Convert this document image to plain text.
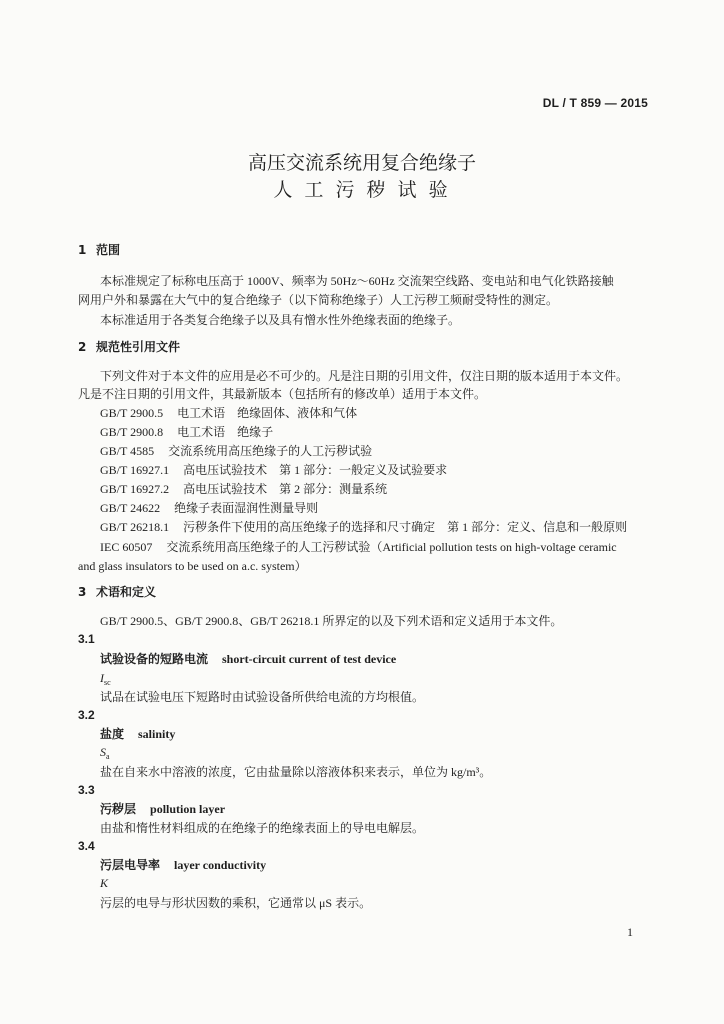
DL / T 859 — 2015
高压交流系统用复合绝缘子
人 工 污 秽 试 验
1 范围
本标准规定了标称电压高于 1000V、频率为 50Hz～60Hz 交流架空线路、变电站和电气化铁路接触
网用户外和暴露在大气中的复合绝缘子（以下简称绝缘子）人工污秽工频耐受特性的测定。
本标准适用于各类复合绝缘子以及具有憎水性外绝缘表面的绝缘子。
2 规范性引用文件
下列文件对于本文件的应用是必不可少的。凡是注日期的引用文件，仅注日期的版本适用于本文件。
凡是不注日期的引用文件，其最新版本（包括所有的修改单）适用于本文件。
GB/T 2900.5 电工术语　绝缘固体、液体和气体
GB/T 2900.8 电工术语　绝缘子
GB/T 4585 交流系统用高压绝缘子的人工污秽试验
GB/T 16927.1 高电压试验技术　第 1 部分：一般定义及试验要求
GB/T 16927.2 高电压试验技术　第 2 部分：测量系统
GB/T 24622 绝缘子表面湿润性测量导则
GB/T 26218.1 污秽条件下使用的高压绝缘子的选择和尺寸确定　第 1 部分：定义、信息和一般原则
IEC 60507 交流系统用高压绝缘子的人工污秽试验（Artificial pollution tests on high-voltage ceramic
and glass insulators to be used on a.c. system）
3 术语和定义
GB/T 2900.5、GB/T 2900.8、GB/T 26218.1 所界定的以及下列术语和定义适用于本文件。
3.1
试验设备的短路电流 short-circuit current of test device
$I_{sc}$
试品在试验电压下短路时由试验设备所供给电流的方均根值。
3.2
盐度 salinity
$S_a$
盐在自来水中溶液的浓度，它由盐量除以溶液体积来表示，单位为 kg/m³。
3.3
污秽层 pollution layer
由盐和惰性材料组成的在绝缘子的绝缘表面上的导电电解层。
3.4
污层电导率 layer conductivity
K
污层的电导与形状因数的乘积，它通常以 μS 表示。
1
